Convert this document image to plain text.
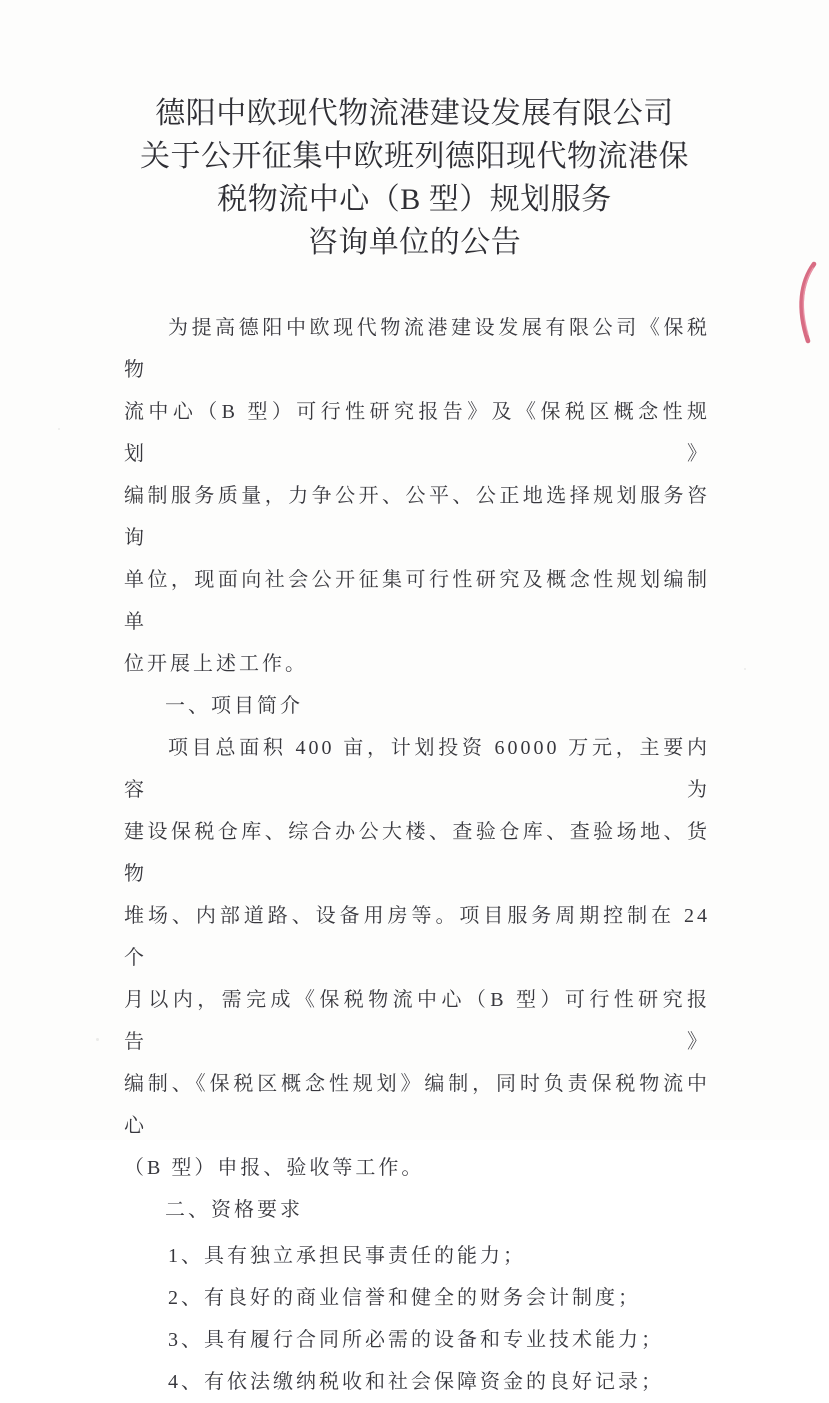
德阳中欧现代物流港建设发展有限公司
关于公开征集中欧班列德阳现代物流港保
税物流中心（B 型）规划服务
咨询单位的公告

为提高德阳中欧现代物流港建设发展有限公司《保税物

流中心（B 型）可行性研究报告》及《保税区概念性规划》

编制服务质量，力争公开、公平、公正地选择规划服务咨询

单位，现面向社会公开征集可行性研究及概念性规划编制单

位开展上述工作。

一、项目简介

项目总面积 400 亩，计划投资 60000 万元，主要内容为

建设保税仓库、综合办公大楼、查验仓库、查验场地、货物

堆场、内部道路、设备用房等。项目服务周期控制在 24 个

月以内，需完成《保税物流中心（B 型）可行性研究报告》

编制、《保税区概念性规划》编制，同时负责保税物流中心

（B 型）申报、验收等工作。

二、资格要求

1、具有独立承担民事责任的能力；

2、有良好的商业信誉和健全的财务会计制度；

3、具有履行合同所必需的设备和专业技术能力；

4、有依法缴纳税收和社会保障资金的良好记录；
